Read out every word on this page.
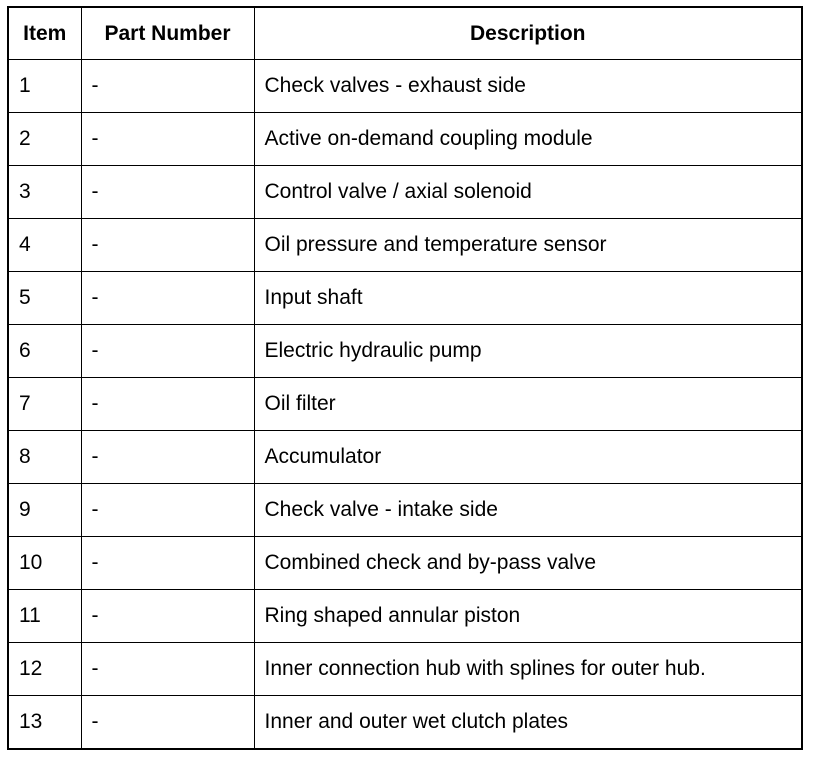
Item	Part Number	Description
1	-	Check valves - exhaust side
2	-	Active on-demand coupling module
3	-	Control valve / axial solenoid
4	-	Oil pressure and temperature sensor
5	-	Input shaft
6	-	Electric hydraulic pump
7	-	Oil filter
8	-	Accumulator
9	-	Check valve - intake side
10	-	Combined check and by-pass valve
11	-	Ring shaped annular piston
12	-	Inner connection hub with splines for outer hub.
13	-	Inner and outer wet clutch plates
